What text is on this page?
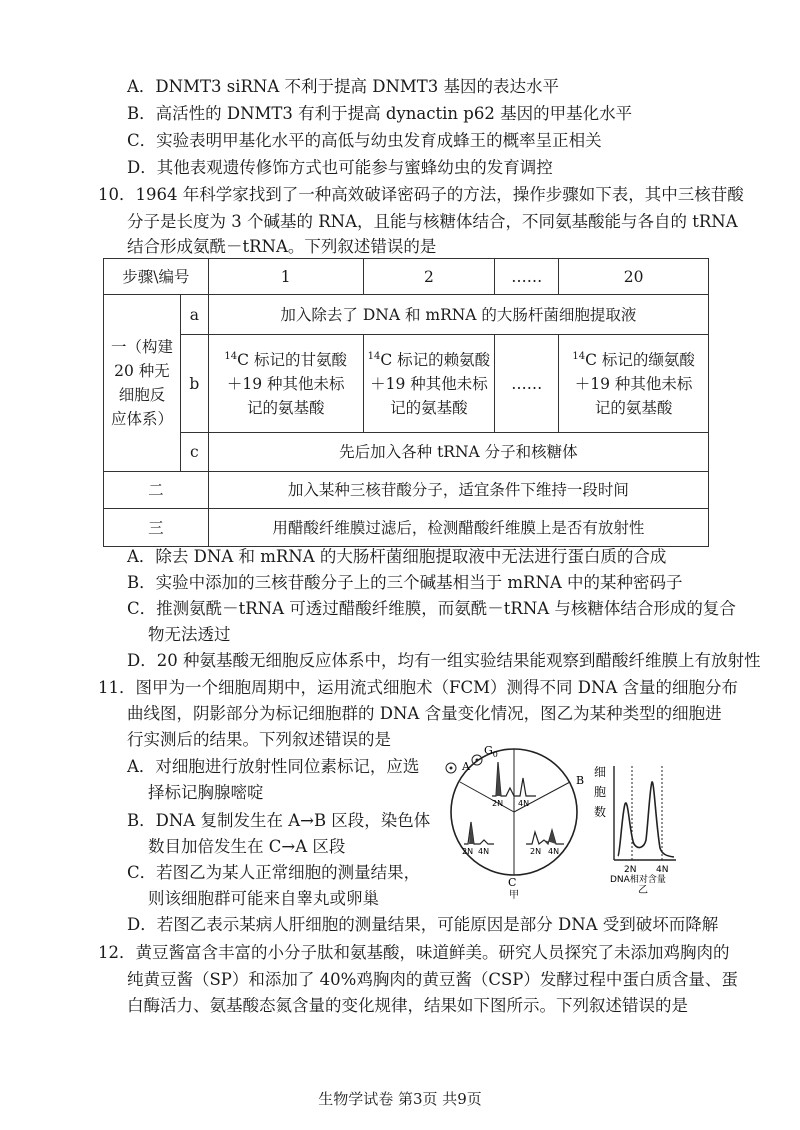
A．DNMT3 siRNA 不利于提高 DNMT3 基因的表达水平
B．高活性的 DNMT3 有利于提高 dynactin p62 基因的甲基化水平
C．实验表明甲基化水平的高低与幼虫发育成蜂王的概率呈正相关
D．其他表观遗传修饰方式也可能参与蜜蜂幼虫的发育调控
10．1964 年科学家找到了一种高效破译密码子的方法，操作步骤如下表，其中三核苷酸
分子是长度为 3 个碱基的 RNA，且能与核糖体结合，不同氨基酸能与各自的 tRNA
结合形成氨酰－tRNA。下列叙述错误的是
步骤\编号		1	2	……	20

一（构建
20 种无
细胞反
应体系）	a	加入除去了 DNA 和 mRNA 的大肠杆菌细胞提取液			
	b	$^{14}$C 标记的甘氨酸
＋19 种其他未标
记的氨基酸	$^{14}$C 标记的赖氨酸
＋19 种其他未标
记的氨基酸	……	$^{14}$C 标记的缬氨酸
＋19 种其他未标
记的氨基酸

	c	先后加入各种 tRNA 分子和核糖体			
二		加入某种三核苷酸分子，适宜条件下维持一段时间			
三		用醋酸纤维膜过滤后，检测醋酸纤维膜上是否有放射性			
A．除去 DNA 和 mRNA 的大肠杆菌细胞提取液中无法进行蛋白质的合成
B．实验中添加的三核苷酸分子上的三个碱基相当于 mRNA 中的某种密码子
C．推测氨酰－tRNA 可透过醋酸纤维膜，而氨酰－tRNA 与核糖体结合形成的复合
物无法透过
D．20 种氨基酸无细胞反应体系中，均有一组实验结果能观察到醋酸纤维膜上有放射性
11．图甲为一个细胞周期中，运用流式细胞术（FCM）测得不同 DNA 含量的细胞分布
曲线图，阴影部分为标记细胞群的 DNA 含量变化情况，图乙为某种类型的细胞进
行实测后的结果。下列叙述错误的是
A．对细胞进行放射性同位素标记，应选
择标记胸腺嘧啶
B．DNA 复制发生在 A→B 区段，染色体
数目加倍发生在 C→A 区段
C．若图乙为某人正常细胞的测量结果，
则该细胞群可能来自睾丸或卵巢
D．若图乙表示某病人肝细胞的测量结果，可能原因是部分 DNA 受到破坏而降解
A
$G_0$
B
C
2N 4N
2N 4N	2N 4N
甲
细
胞
数
2N 4N
DNA相对含量
乙
12．黄豆酱富含丰富的小分子肽和氨基酸，味道鲜美。研究人员探究了未添加鸡胸肉的
纯黄豆酱（SP）和添加了 40%鸡胸肉的黄豆酱（CSP）发酵过程中蛋白质含量、蛋
白酶活力、氨基酸态氮含量的变化规律，结果如下图所示。下列叙述错误的是
生物学试卷 第3页 共9页
